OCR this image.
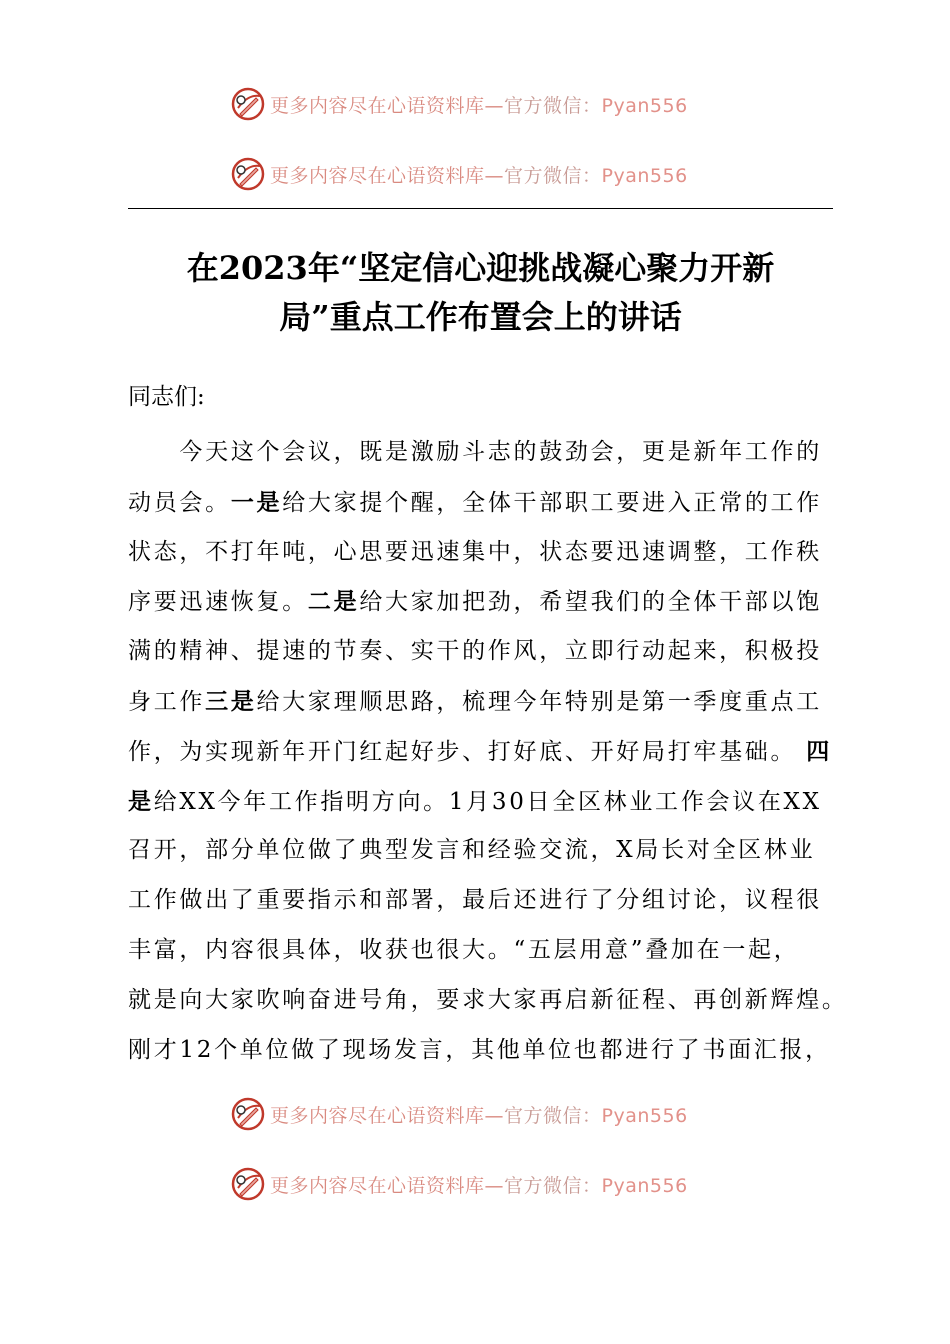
更多内容尽在心语资料库—官方微信：Pyan556
更多内容尽在心语资料库—官方微信：Pyan556
在2023年“坚定信心迎挑战凝心聚力开新
局”重点工作布置会上的讲话
同志们:
　　今天这个会议，既是激励斗志的鼓劲会，更是新年工作的
动员会。一是给大家提个醒，全体干部职工要进入正常的工作
状态，不打年吨，心思要迅速集中，状态要迅速调整，工作秩
序要迅速恢复。二是给大家加把劲，希望我们的全体干部以饱
满的精神、提速的节奏、实干的作风，立即行动起来，积极投
身工作三是给大家理顺思路，梳理今年特别是第一季度重点工
作，为实现新年开门红起好步、打好底、开好局打牢基础。 四
是给XX今年工作指明方向。1月30日全区林业工作会议在XX
召开，部分单位做了典型发言和经验交流，X局长对全区林业
工作做出了重要指示和部署，最后还进行了分组讨论，议程很
丰富，内容很具体，收获也很大。“五层用意”叠加在一起，
就是向大家吹响奋进号角，要求大家再启新征程、再创新辉煌。
刚才12个单位做了现场发言，其他单位也都进行了书面汇报，
更多内容尽在心语资料库—官方微信：Pyan556
更多内容尽在心语资料库—官方微信：Pyan556
